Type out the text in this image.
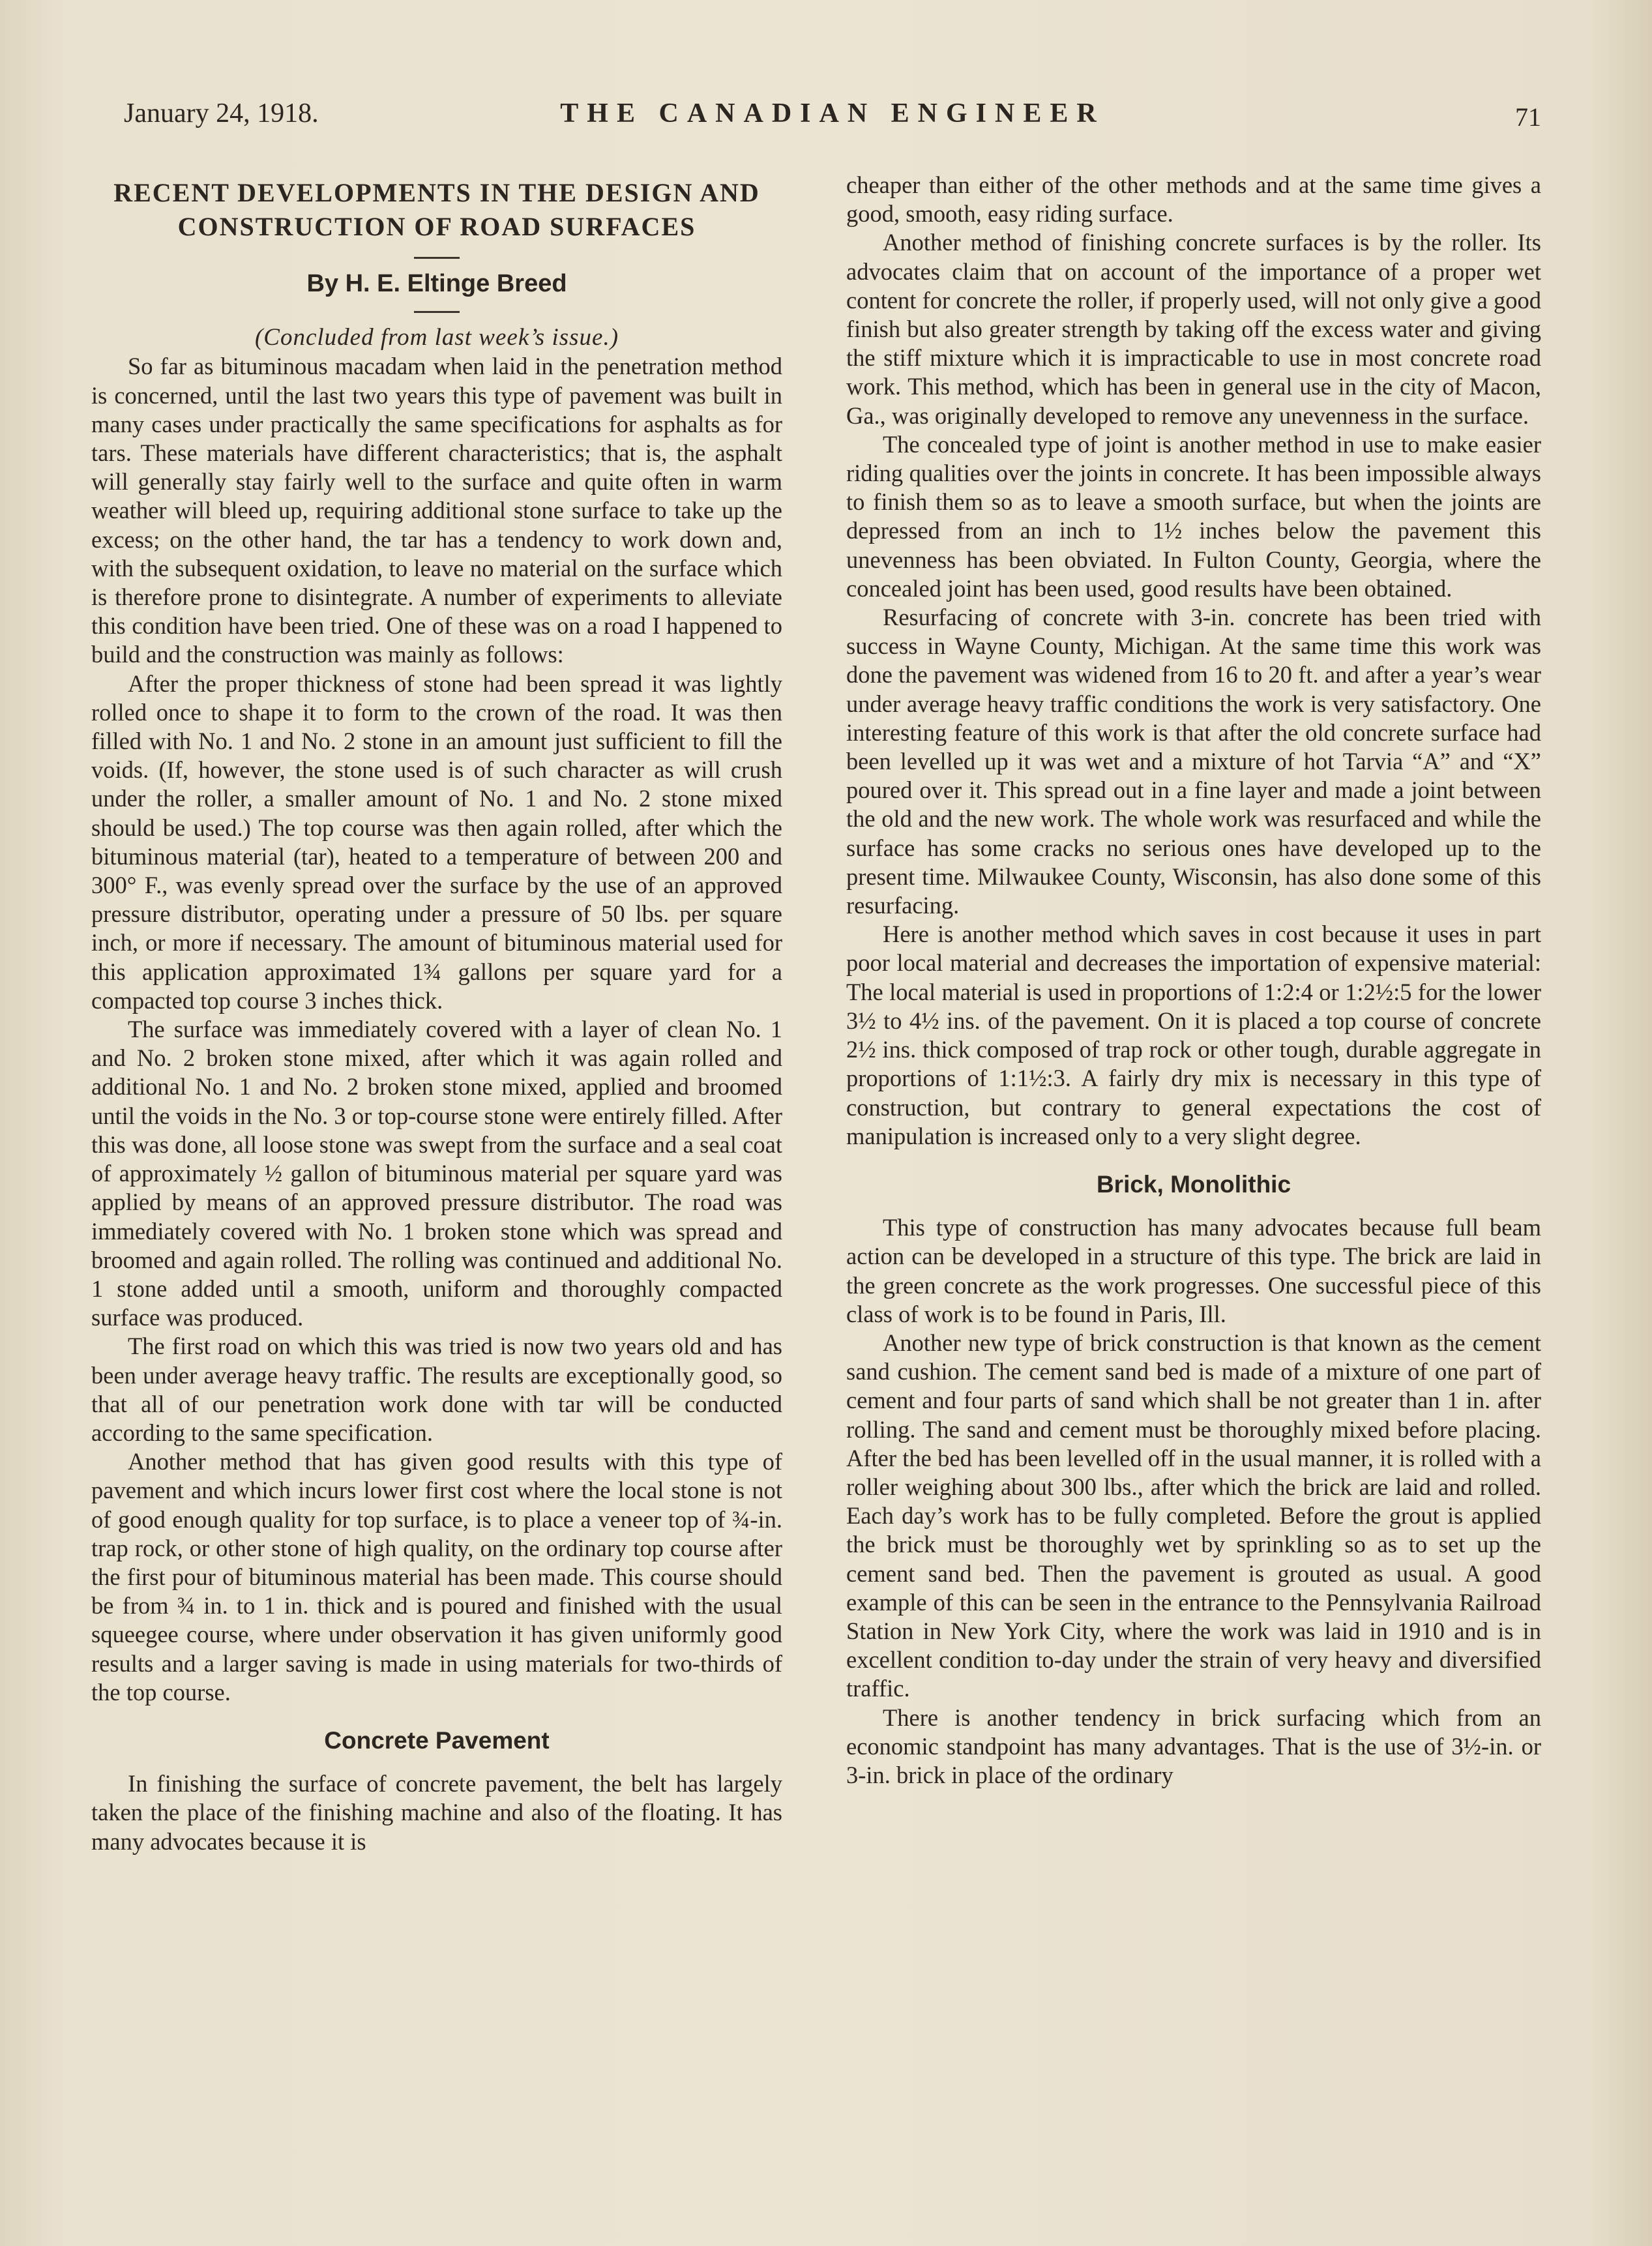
January 24, 1918.	THE CANADIAN ENGINEER	71
RECENT DEVELOPMENTS IN THE DESIGN AND
CONSTRUCTION OF ROAD SURFACES

By H. E. Eltinge Breed

(Concluded from last week’s issue.)

So far as bituminous macadam when laid in the penetration method is concerned, until the last two years this type of pavement was built in many cases under practically the same specifications for asphalts as for tars. These materials have different characteristics; that is, the asphalt will generally stay fairly well to the surface and quite often in warm weather will bleed up, requiring additional stone surface to take up the excess; on the other hand, the tar has a tendency to work down and, with the subsequent oxidation, to leave no material on the surface which is therefore prone to disintegrate. A number of experiments to alleviate this condition have been tried. One of these was on a road I happened to build and the construction was mainly as follows:

After the proper thickness of stone had been spread it was lightly rolled once to shape it to form to the crown of the road. It was then filled with No. 1 and No. 2 stone in an amount just sufficient to fill the voids. (If, however, the stone used is of such character as will crush under the roller, a smaller amount of No. 1 and No. 2 stone mixed should be used.) The top course was then again rolled, after which the bituminous material (tar), heated to a temperature of between 200 and 300° F., was evenly spread over the surface by the use of an approved pressure distributor, operating under a pressure of 50 lbs. per square inch, or more if necessary. The amount of bituminous material used for this application approximated 1¾ gallons per square yard for a compacted top course 3 inches thick.

The surface was immediately covered with a layer of clean No. 1 and No. 2 broken stone mixed, after which it was again rolled and additional No. 1 and No. 2 broken stone mixed, applied and broomed until the voids in the No. 3 or top-course stone were entirely filled. After this was done, all loose stone was swept from the surface and a seal coat of approximately ½ gallon of bituminous material per square yard was applied by means of an approved pressure distributor. The road was immediately covered with No. 1 broken stone which was spread and broomed and again rolled. The rolling was continued and additional No. 1 stone added until a smooth, uniform and thoroughly compacted surface was produced.

The first road on which this was tried is now two years old and has been under average heavy traffic. The results are exceptionally good, so that all of our penetration work done with tar will be conducted according to the same specification.

Another method that has given good results with this type of pavement and which incurs lower first cost where the local stone is not of good enough quality for top surface, is to place a veneer top of ¾-in. trap rock, or other stone of high quality, on the ordinary top course after the first pour of bituminous material has been made. This course should be from ¾ in. to 1 in. thick and is poured and finished with the usual squeegee course, where under observation it has given uniformly good results and a larger saving is made in using materials for two-thirds of the top course.

Concrete Pavement

In finishing the surface of concrete pavement, the belt has largely taken the place of the finishing machine and also of the floating. It has many advocates because it is

cheaper than either of the other methods and at the same time gives a good, smooth, easy riding surface.

Another method of finishing concrete surfaces is by the roller. Its advocates claim that on account of the importance of a proper wet content for concrete the roller, if properly used, will not only give a good finish but also greater strength by taking off the excess water and giving the stiff mixture which it is impracticable to use in most concrete road work. This method, which has been in general use in the city of Macon, Ga., was originally developed to remove any unevenness in the surface.

The concealed type of joint is another method in use to make easier riding qualities over the joints in concrete. It has been impossible always to finish them so as to leave a smooth surface, but when the joints are depressed from an inch to 1½ inches below the pavement this unevenness has been obviated. In Fulton County, Georgia, where the concealed joint has been used, good results have been obtained.

Resurfacing of concrete with 3-in. concrete has been tried with success in Wayne County, Michigan. At the same time this work was done the pavement was widened from 16 to 20 ft. and after a year’s wear under average heavy traffic conditions the work is very satisfactory. One interesting feature of this work is that after the old concrete surface had been levelled up it was wet and a mixture of hot Tarvia “A” and “X” poured over it. This spread out in a fine layer and made a joint between the old and the new work. The whole work was resurfaced and while the surface has some cracks no serious ones have developed up to the present time. Milwaukee County, Wisconsin, has also done some of this resurfacing.

Here is another method which saves in cost because it uses in part poor local material and decreases the importation of expensive material: The local material is used in proportions of 1:2:4 or 1:2½:5 for the lower 3½ to 4½ ins. of the pavement. On it is placed a top course of concrete 2½ ins. thick composed of trap rock or other tough, durable aggregate in proportions of 1:1½:3. A fairly dry mix is necessary in this type of construction, but contrary to general expectations the cost of manipulation is increased only to a very slight degree.

Brick, Monolithic

This type of construction has many advocates because full beam action can be developed in a structure of this type. The brick are laid in the green concrete as the work progresses. One successful piece of this class of work is to be found in Paris, Ill.

Another new type of brick construction is that known as the cement sand cushion. The cement sand bed is made of a mixture of one part of cement and four parts of sand which shall be not greater than 1 in. after rolling. The sand and cement must be thoroughly mixed before placing. After the bed has been levelled off in the usual manner, it is rolled with a roller weighing about 300 lbs., after which the brick are laid and rolled. Each day’s work has to be fully completed. Before the grout is applied the brick must be thoroughly wet by sprinkling so as to set up the cement sand bed. Then the pavement is grouted as usual. A good example of this can be seen in the entrance to the Pennsylvania Railroad Station in New York City, where the work was laid in 1910 and is in excellent condition to-day under the strain of very heavy and diversified traffic.

There is another tendency in brick surfacing which from an economic standpoint has many advantages. That is the use of 3½-in. or 3-in. brick in place of the ordinary
